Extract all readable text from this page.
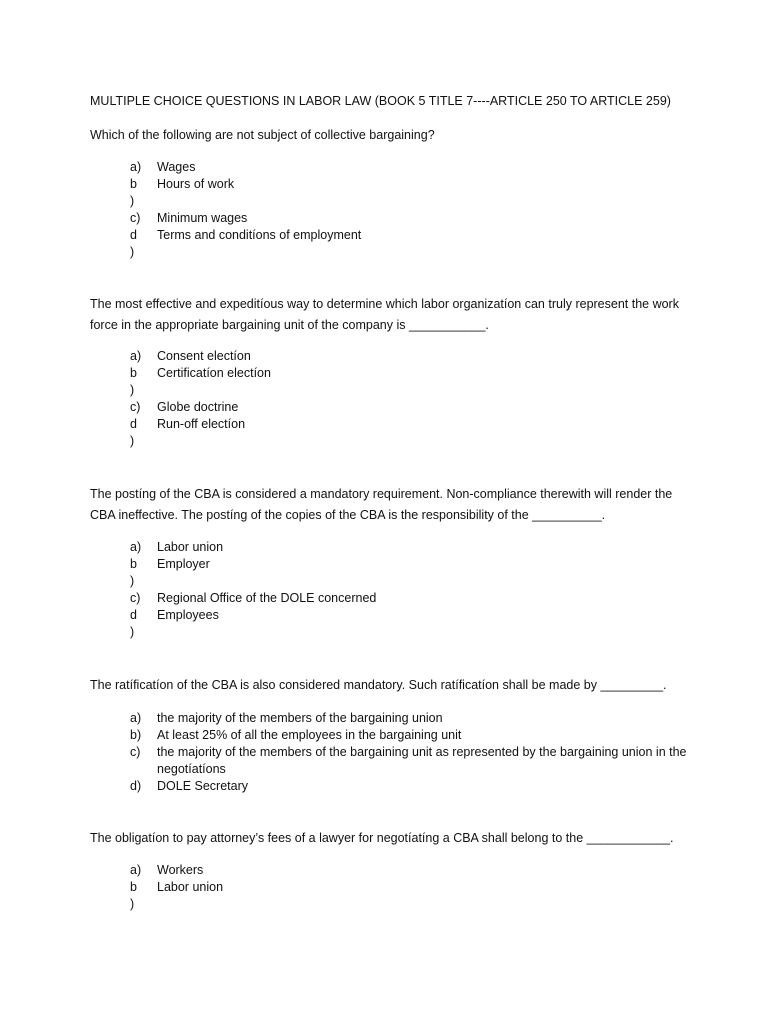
MULTIPLE CHOICE QUESTIONS IN LABOR LAW (BOOK 5 TITLE 7----ARTICLE 250 TO ARTICLE 259)
Which of the following are not subject of collective bargaining?
a)	Wages
b	Hours of work
)
c)	Minimum wages
d	Terms and conditíons of employment
)
The most effective and expeditíous way to determine which labor organizatíon can truly represent the work force in the appropriate bargaining unit of the company is ___________.
a)	Consent electíon
b	Certificatíon electíon
)
c)	Globe doctrine
d	Run-off electíon
)
The postíng of the CBA is considered a mandatory requirement. Non-compliance therewith will render the CBA ineffective. The postíng of the copies of the CBA is the responsibility of the __________.
a)	Labor union
b	Employer
)
c)	Regional Office of the DOLE concerned
d	Employees
)
The ratíficatíon of the CBA is also considered mandatory. Such ratíficatíon shall be made by _________.
a)	the majority of the members of the bargaining union
b)	At least 25% of all the employees in the bargaining unit
c)	the majority of the members of the bargaining unit as represented by the bargaining union in the negotíatíons
d)	DOLE Secretary
The obligatíon to pay attorney’s fees of a lawyer for negotíatíng a CBA shall belong to the ____________.
a)	Workers
b	Labor union
)
